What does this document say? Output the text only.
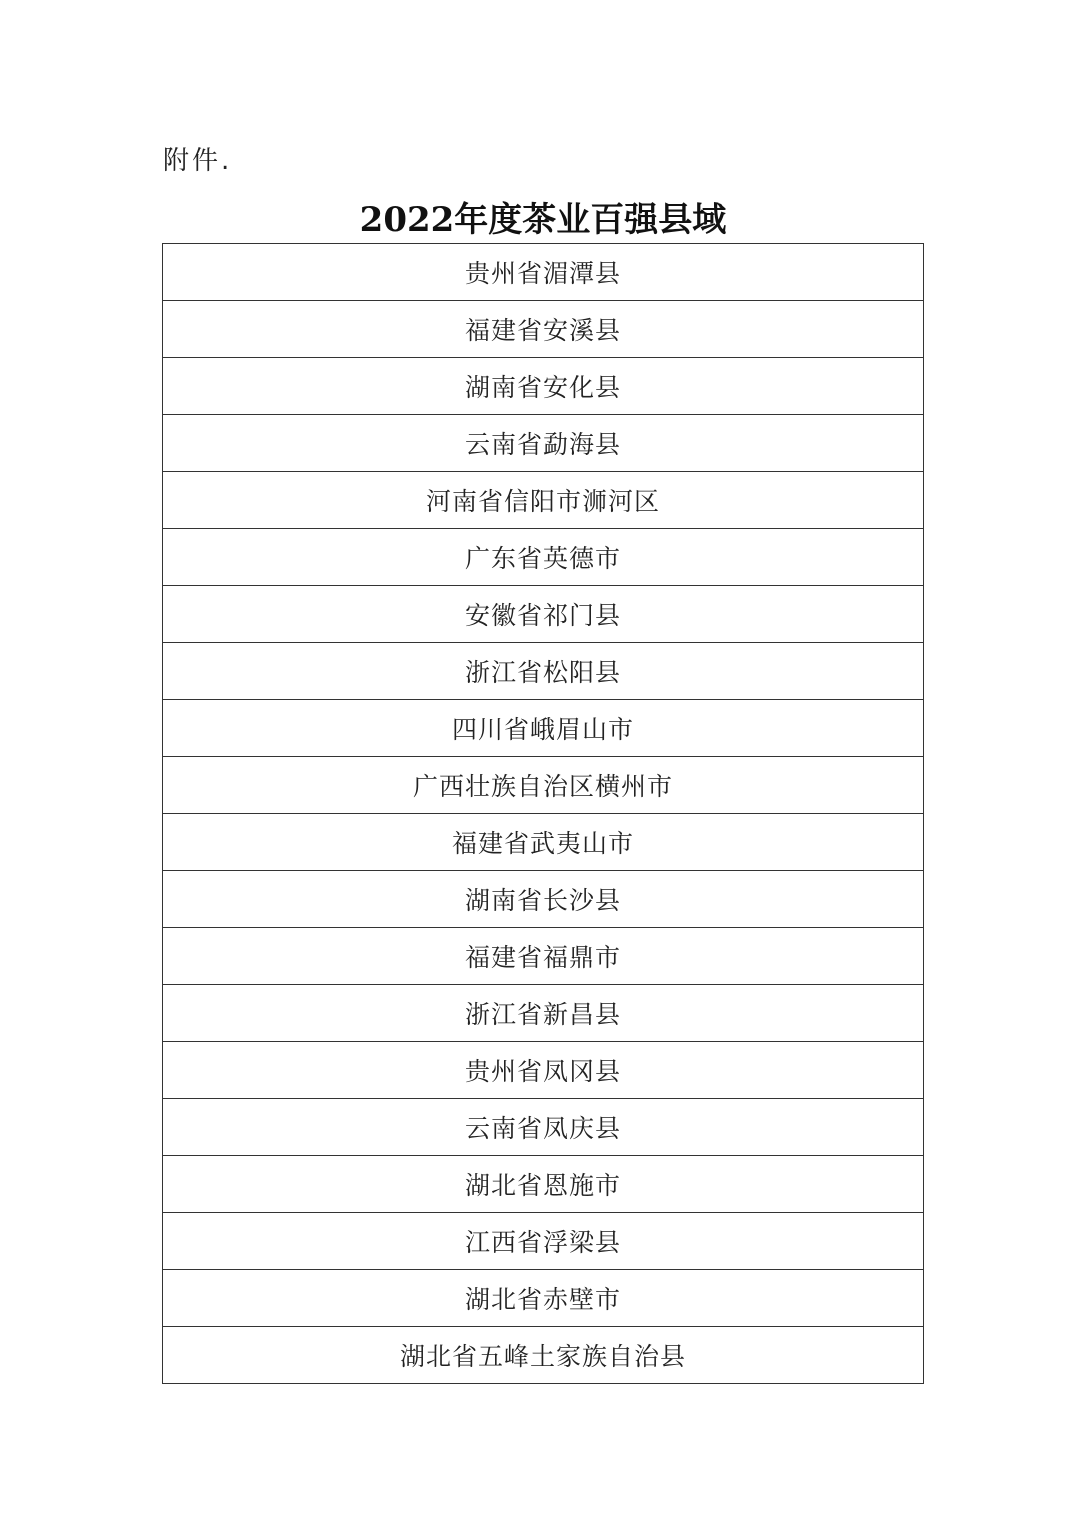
附件.
2022年度茶业百强县域
贵州省湄潭县
福建省安溪县
湖南省安化县
云南省勐海县
河南省信阳市浉河区
广东省英德市
安徽省祁门县
浙江省松阳县
四川省峨眉山市
广西壮族自治区横州市
福建省武夷山市
湖南省长沙县
福建省福鼎市
浙江省新昌县
贵州省凤冈县
云南省凤庆县
湖北省恩施市
江西省浮梁县
湖北省赤壁市
湖北省五峰土家族自治县
